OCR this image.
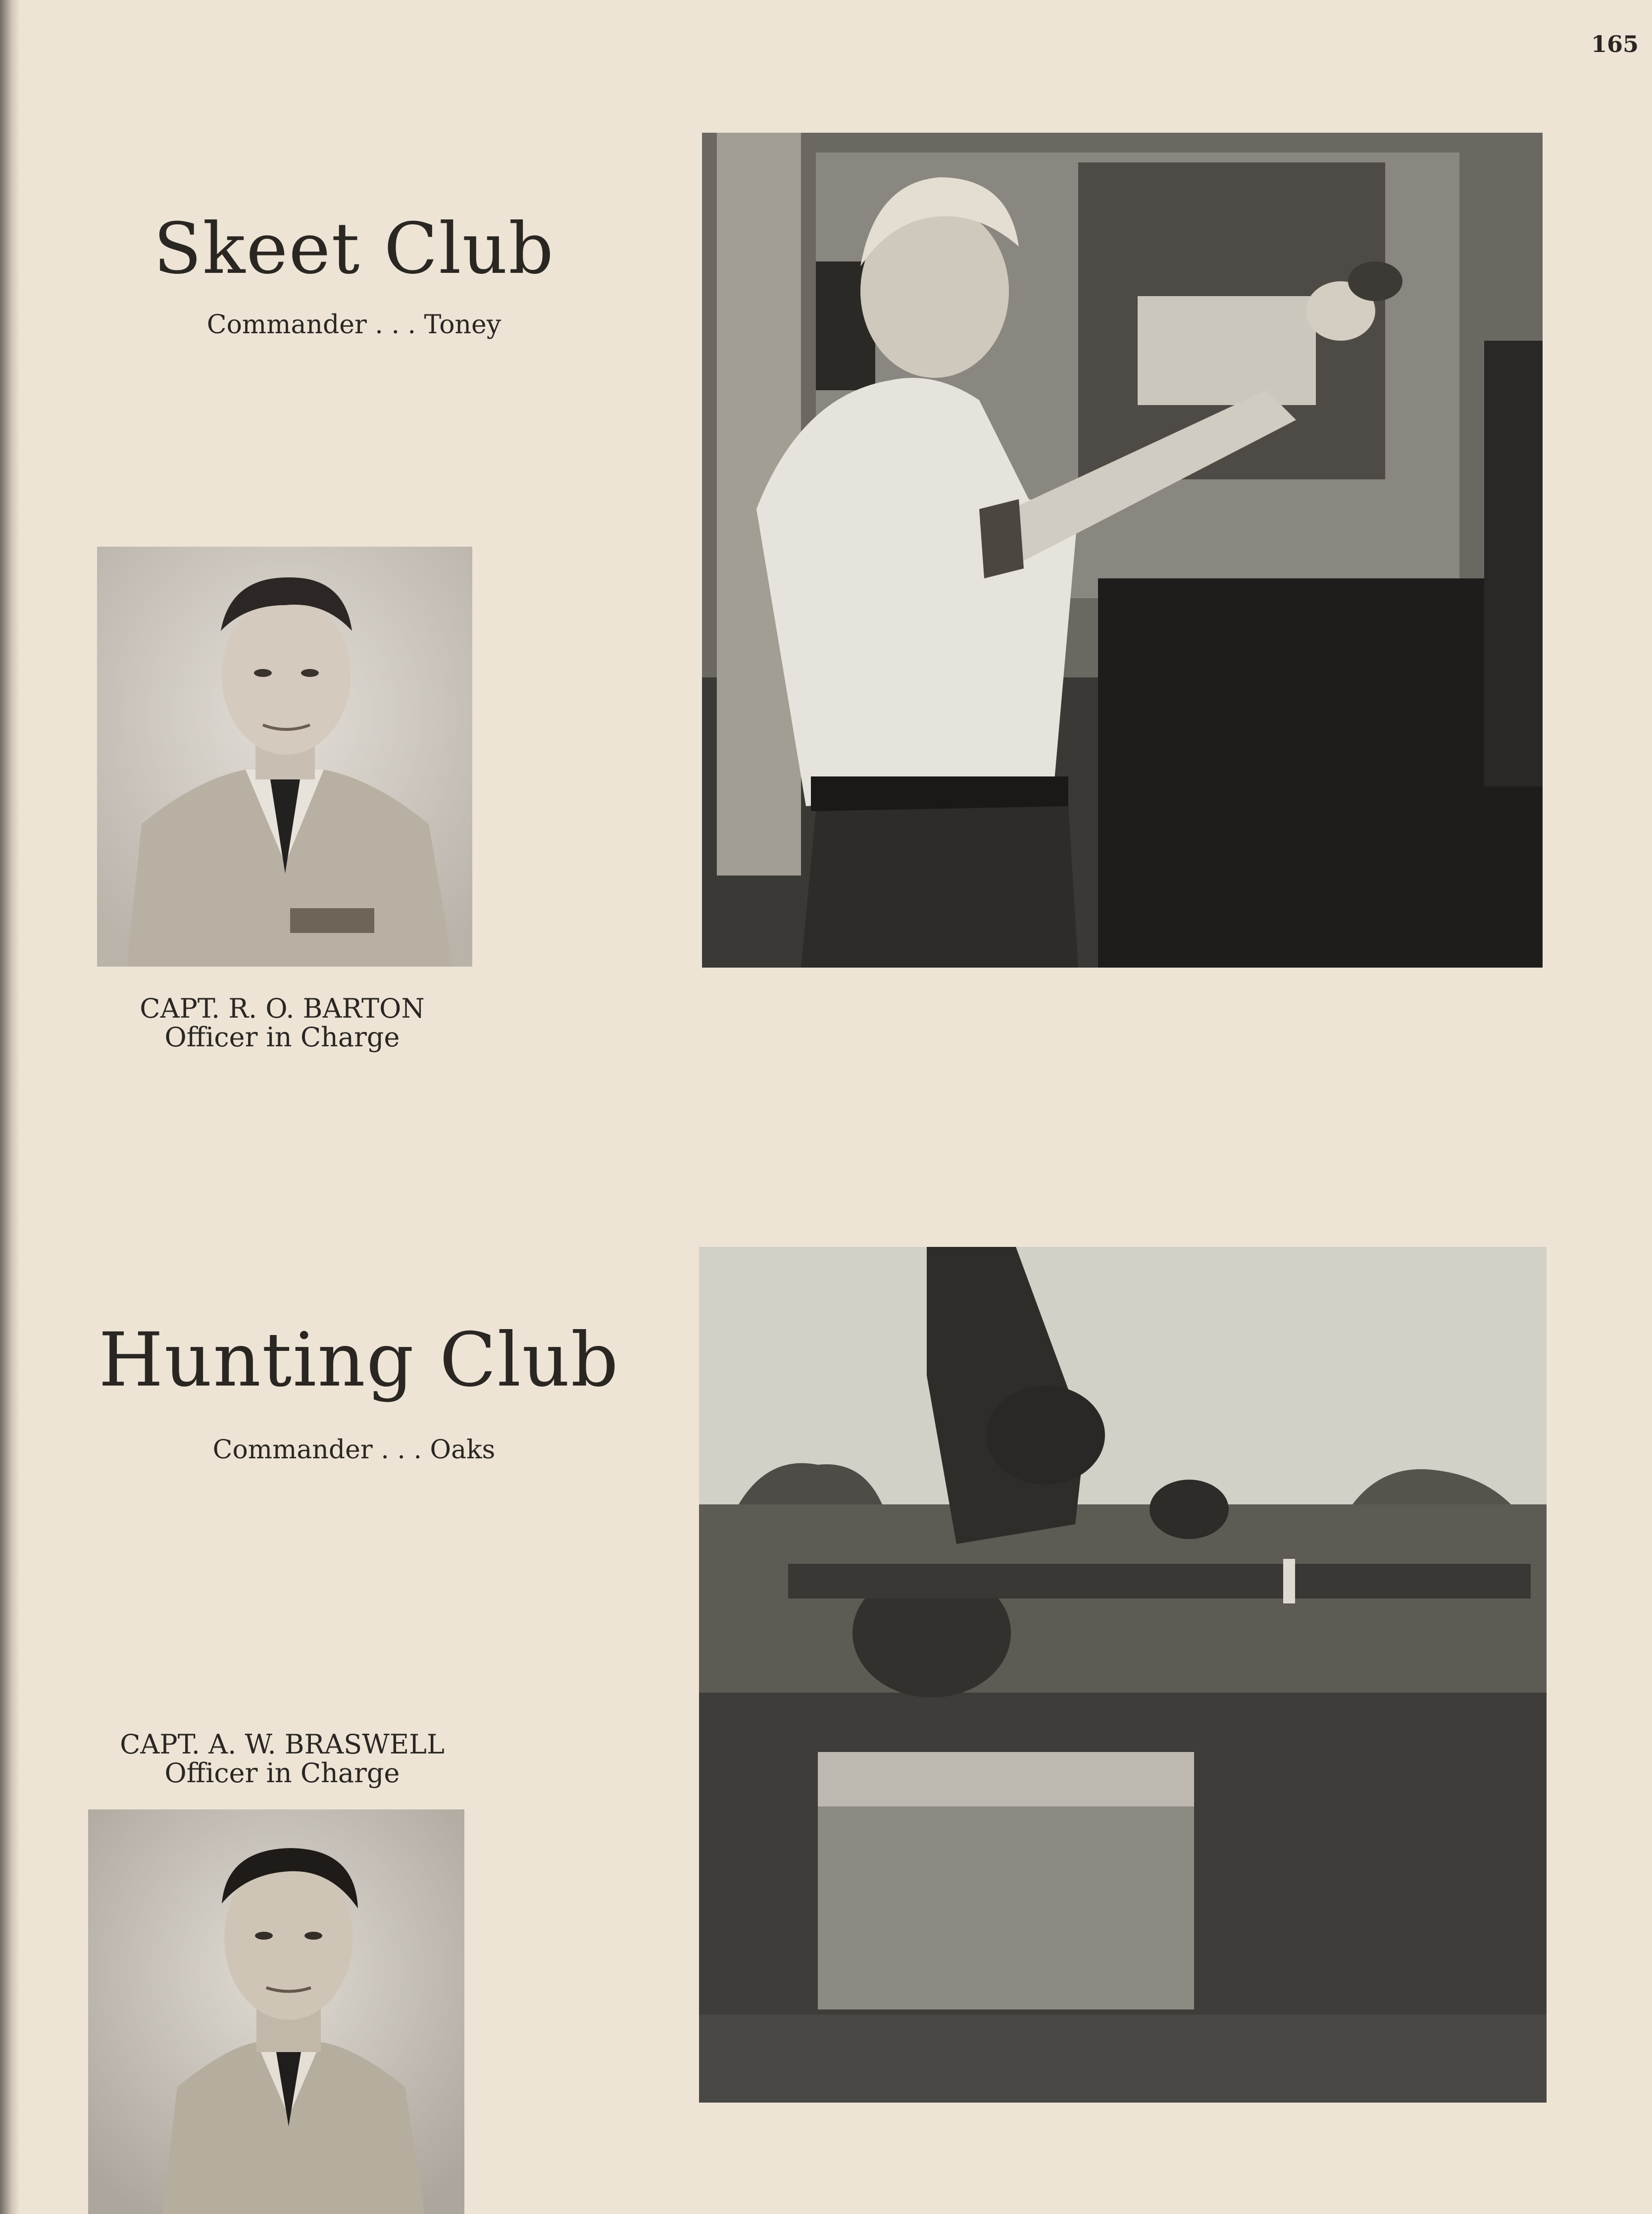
165
Skeet Club
Commander . . . Toney
CAPT. R. O. BARTON
Officer in Charge
Hunting Club
Commander . . . Oaks
CAPT. A. W. BRASWELL
Officer in Charge
